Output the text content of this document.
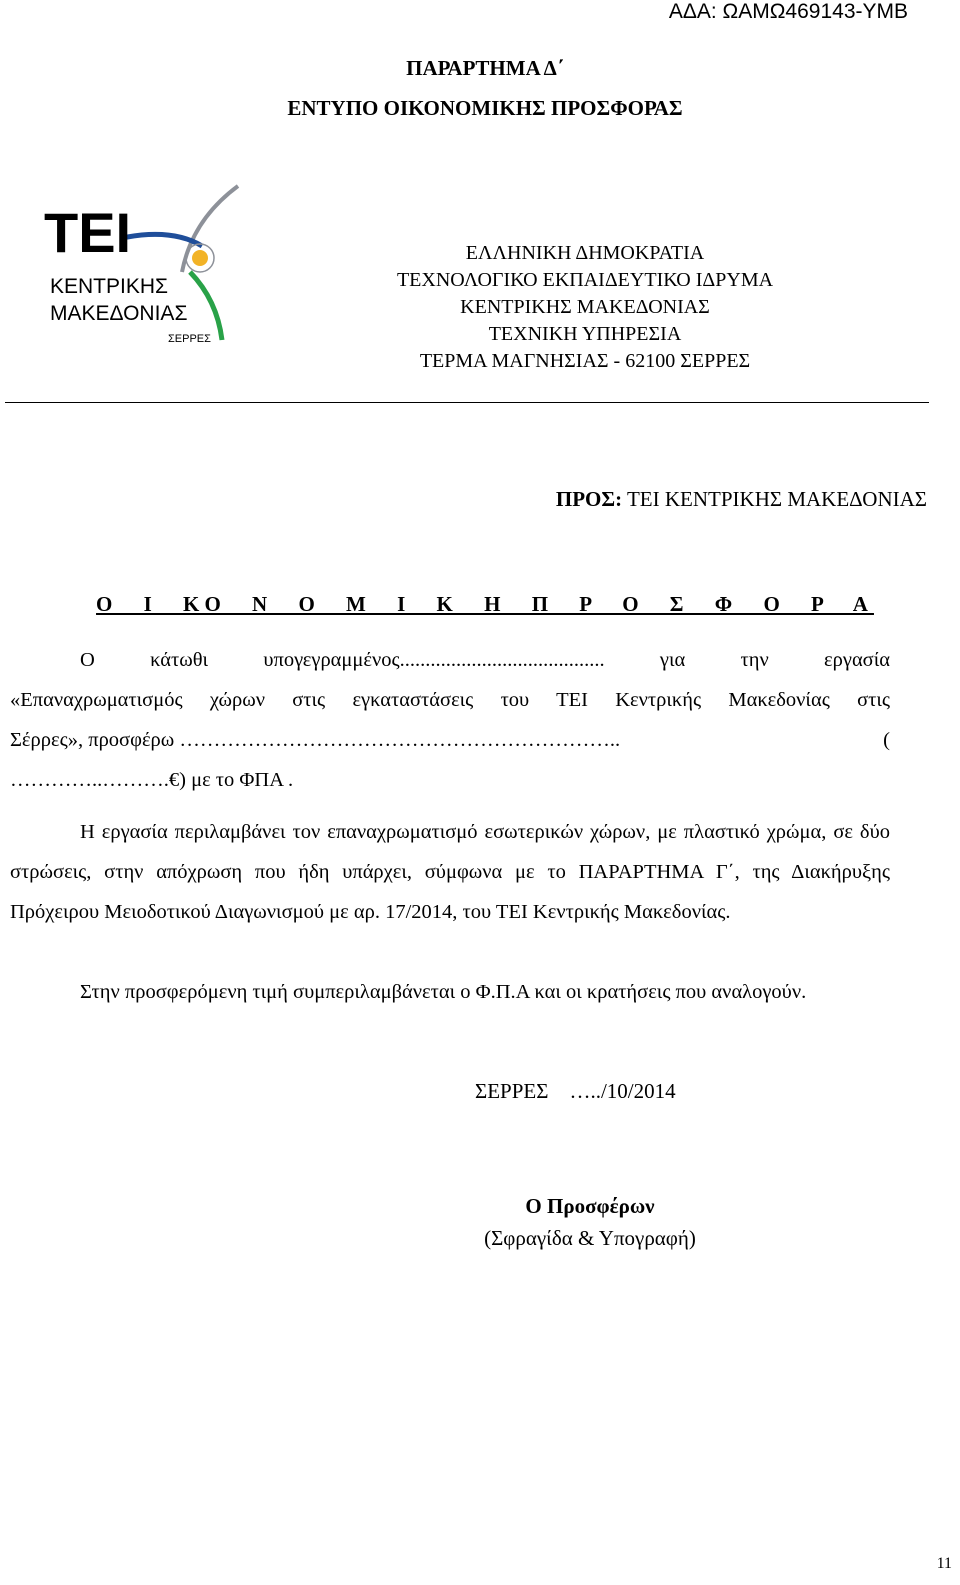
ΑΔΑ: ΩΑΜΩ469143-ΥΜΒ
ΠΑΡΑΡΤΗΜΑ Δ΄
ΕΝΤΥΠΟ ΟΙΚΟΝΟΜΙΚΗΣ ΠΡΟΣΦΟΡΑΣ
ΤΕΙ
ΚΕΝΤΡΙΚΗΣ
ΜΑΚΕΔΟΝΙΑΣ
ΣΕΡΡΕΣ
ΕΛΛΗΝΙΚΗ ΔΗΜΟΚΡΑΤΙΑ
ΤΕΧΝΟΛΟΓΙΚΟ ΕΚΠΑΙΔΕΥΤΙΚΟ ΙΔΡΥΜΑ
ΚΕΝΤΡΙΚΗΣ ΜΑΚΕΔΟΝΙΑΣ
ΤΕΧΝΙΚΗ ΥΠΗΡΕΣΙΑ
ΤΕΡΜΑ ΜΑΓΝΗΣΙΑΣ - 62100 ΣΕΡΡΕΣ
ΠΡΟΣ: ΤΕΙ ΚΕΝΤΡΙΚΗΣ ΜΑΚΕΔΟΝΙΑΣ
Ο Ι ΚΟ Ν Ο Μ Ι Κ Η Π Ρ Ο Σ Φ Ο Ρ Α

Ο κάτωθι υπογεγραμμένος........................................ για την εργασία

«Επαναχρωματισμός χώρων στις εγκαταστάσεις του ΤΕΙ Κεντρικής Μακεδονίας στις

Σέρρες», προσφέρω ………………………………………………………..	(

…………..……….€) με το ΦΠΑ .

Η εργασία περιλαμβάνει τον επαναχρωματισμό εσωτερικών χώρων, με πλαστικό χρώμα, σε δύο στρώσεις, στην απόχρωση που ήδη υπάρχει, σύμφωνα με το ΠΑΡΑΡΤΗΜΑ Γ΄, της Διακήρυξης Πρόχειρου Μειοδοτικού Διαγωνισμού με αρ. 17/2014, του ΤΕΙ Κεντρικής Μακεδονίας.

Στην προσφερόμενη τιμή συμπεριλαμβάνεται ο Φ.Π.Α και οι κρατήσεις που αναλογούν.

ΣΕΡΡΕΣ    …../10/2014
Ο Προσφέρων
(Σφραγίδα & Υπογραφή)
11
